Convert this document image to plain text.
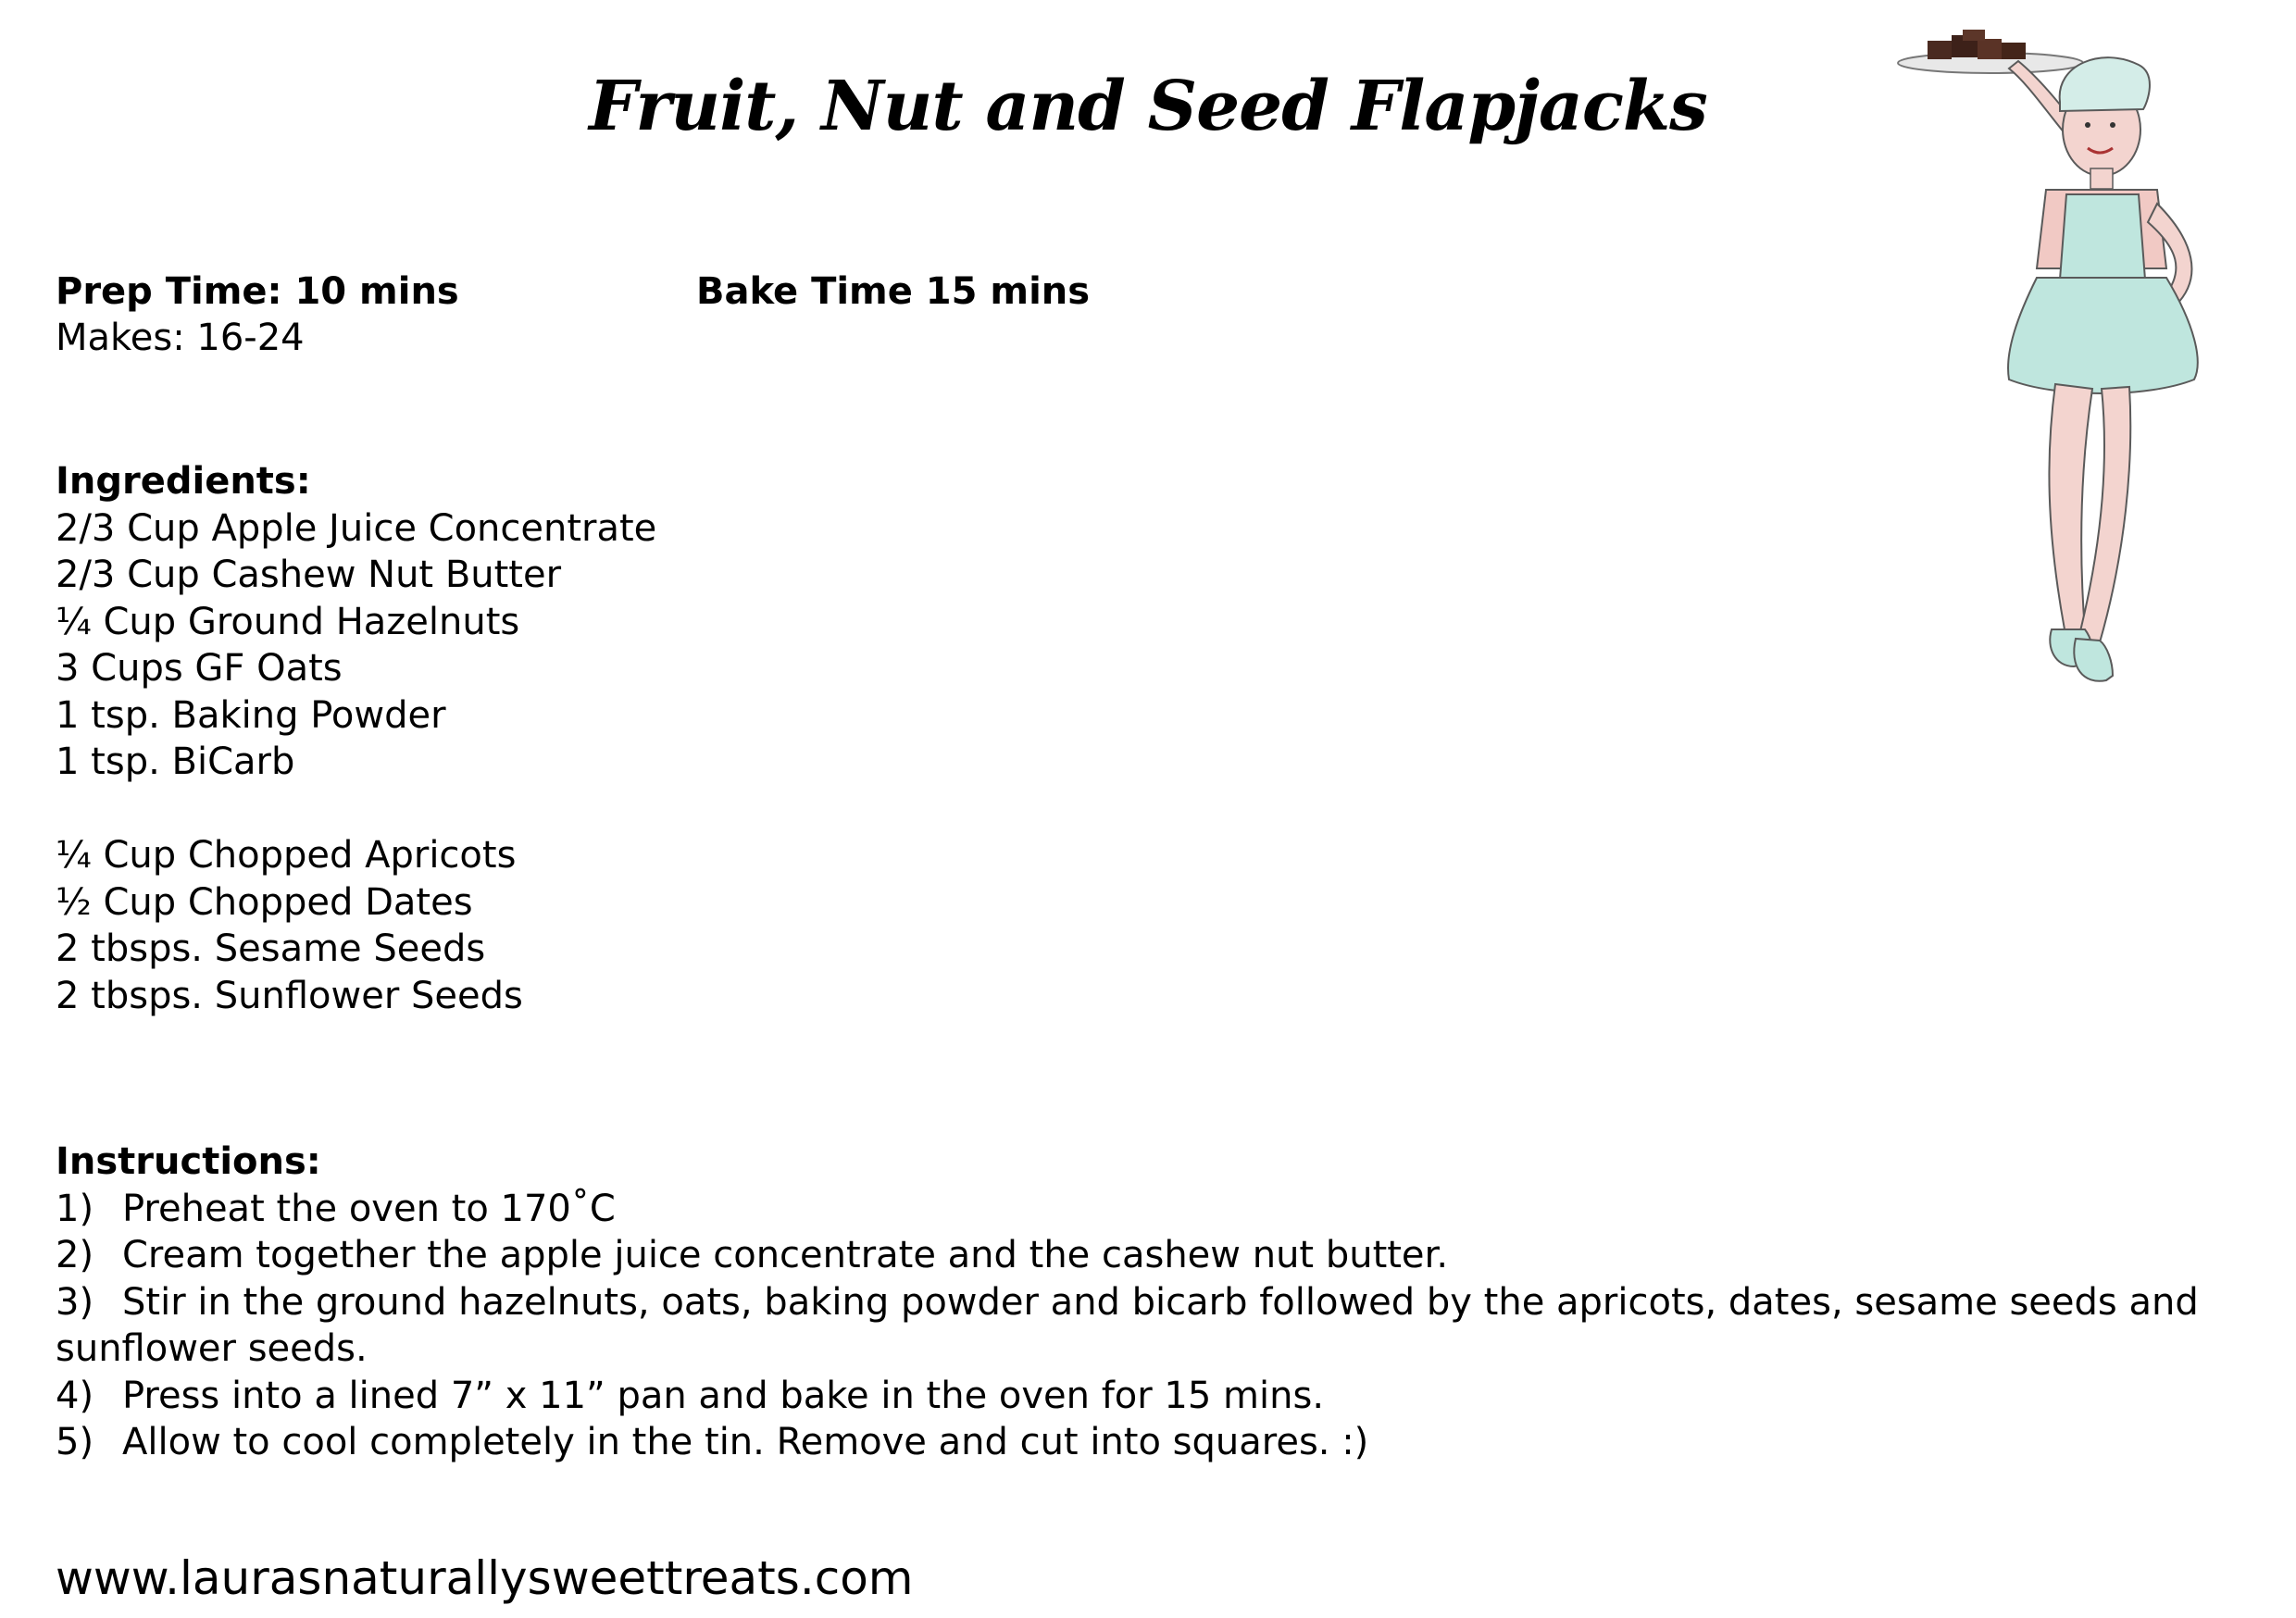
Fruit, Nut and Seed Flapjacks
Prep Time: 10 mins
Makes: 16-24
Bake Time 15 mins
Ingredients:
2/3 Cup Apple Juice Concentrate
2/3 Cup Cashew Nut Butter
¼ Cup Ground Hazelnuts
3 Cups GF Oats
1 tsp. Baking Powder
1 tsp. BiCarb
¼ Cup Chopped Apricots
½ Cup Chopped Dates
2 tbsps. Sesame Seeds
2 tbsps. Sunflower Seeds
Instructions:
1) Preheat the oven to 170˚C
2) Cream together the apple juice concentrate and the cashew nut butter.
3) Stir in the ground hazelnuts, oats, baking powder and bicarb followed by the apricots, dates, sesame seeds and sunflower seeds.
4) Press into a lined 7” x 11” pan and bake in the oven for 15 mins.
5) Allow to cool completely in the tin. Remove and cut into squares. :)
www.laurasnaturallysweettreats.com
